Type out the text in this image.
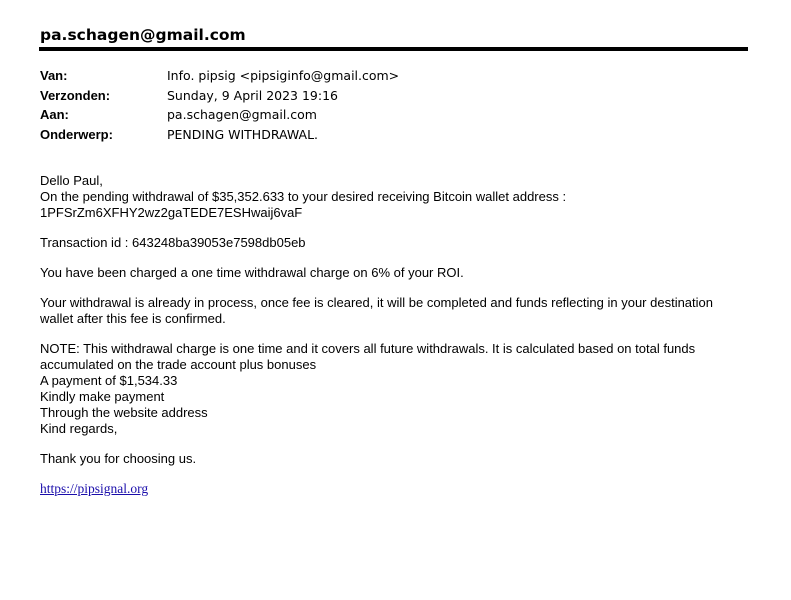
pa.schagen@gmail.com
Van:	Info. pipsig <pipsiginfo@gmail.com>
Verzonden:	Sunday, 9 April 2023 19:16
Aan:	pa.schagen@gmail.com
Onderwerp:	PENDING WITHDRAWAL.

Dello Paul,

On the pending withdrawal of $35,352.633 to your desired receiving Bitcoin wallet address :

1PFSrZm6XFHY2wz2gaTEDE7ESHwaij6vaF

Transaction id : 643248ba39053e7598db05eb

You have been charged a one time withdrawal charge on 6% of your ROI.

Your withdrawal is already in process, once fee is cleared, it will be completed and funds reflecting in your destination

wallet after this fee is confirmed.

NOTE: This withdrawal charge is one time and it covers all future withdrawals. It is calculated based on total funds

accumulated on the trade account plus bonuses

A payment of $1,534.33

Kindly make payment

Through the website address

Kind regards,

Thank you for choosing us.

https://pipsignal.org
